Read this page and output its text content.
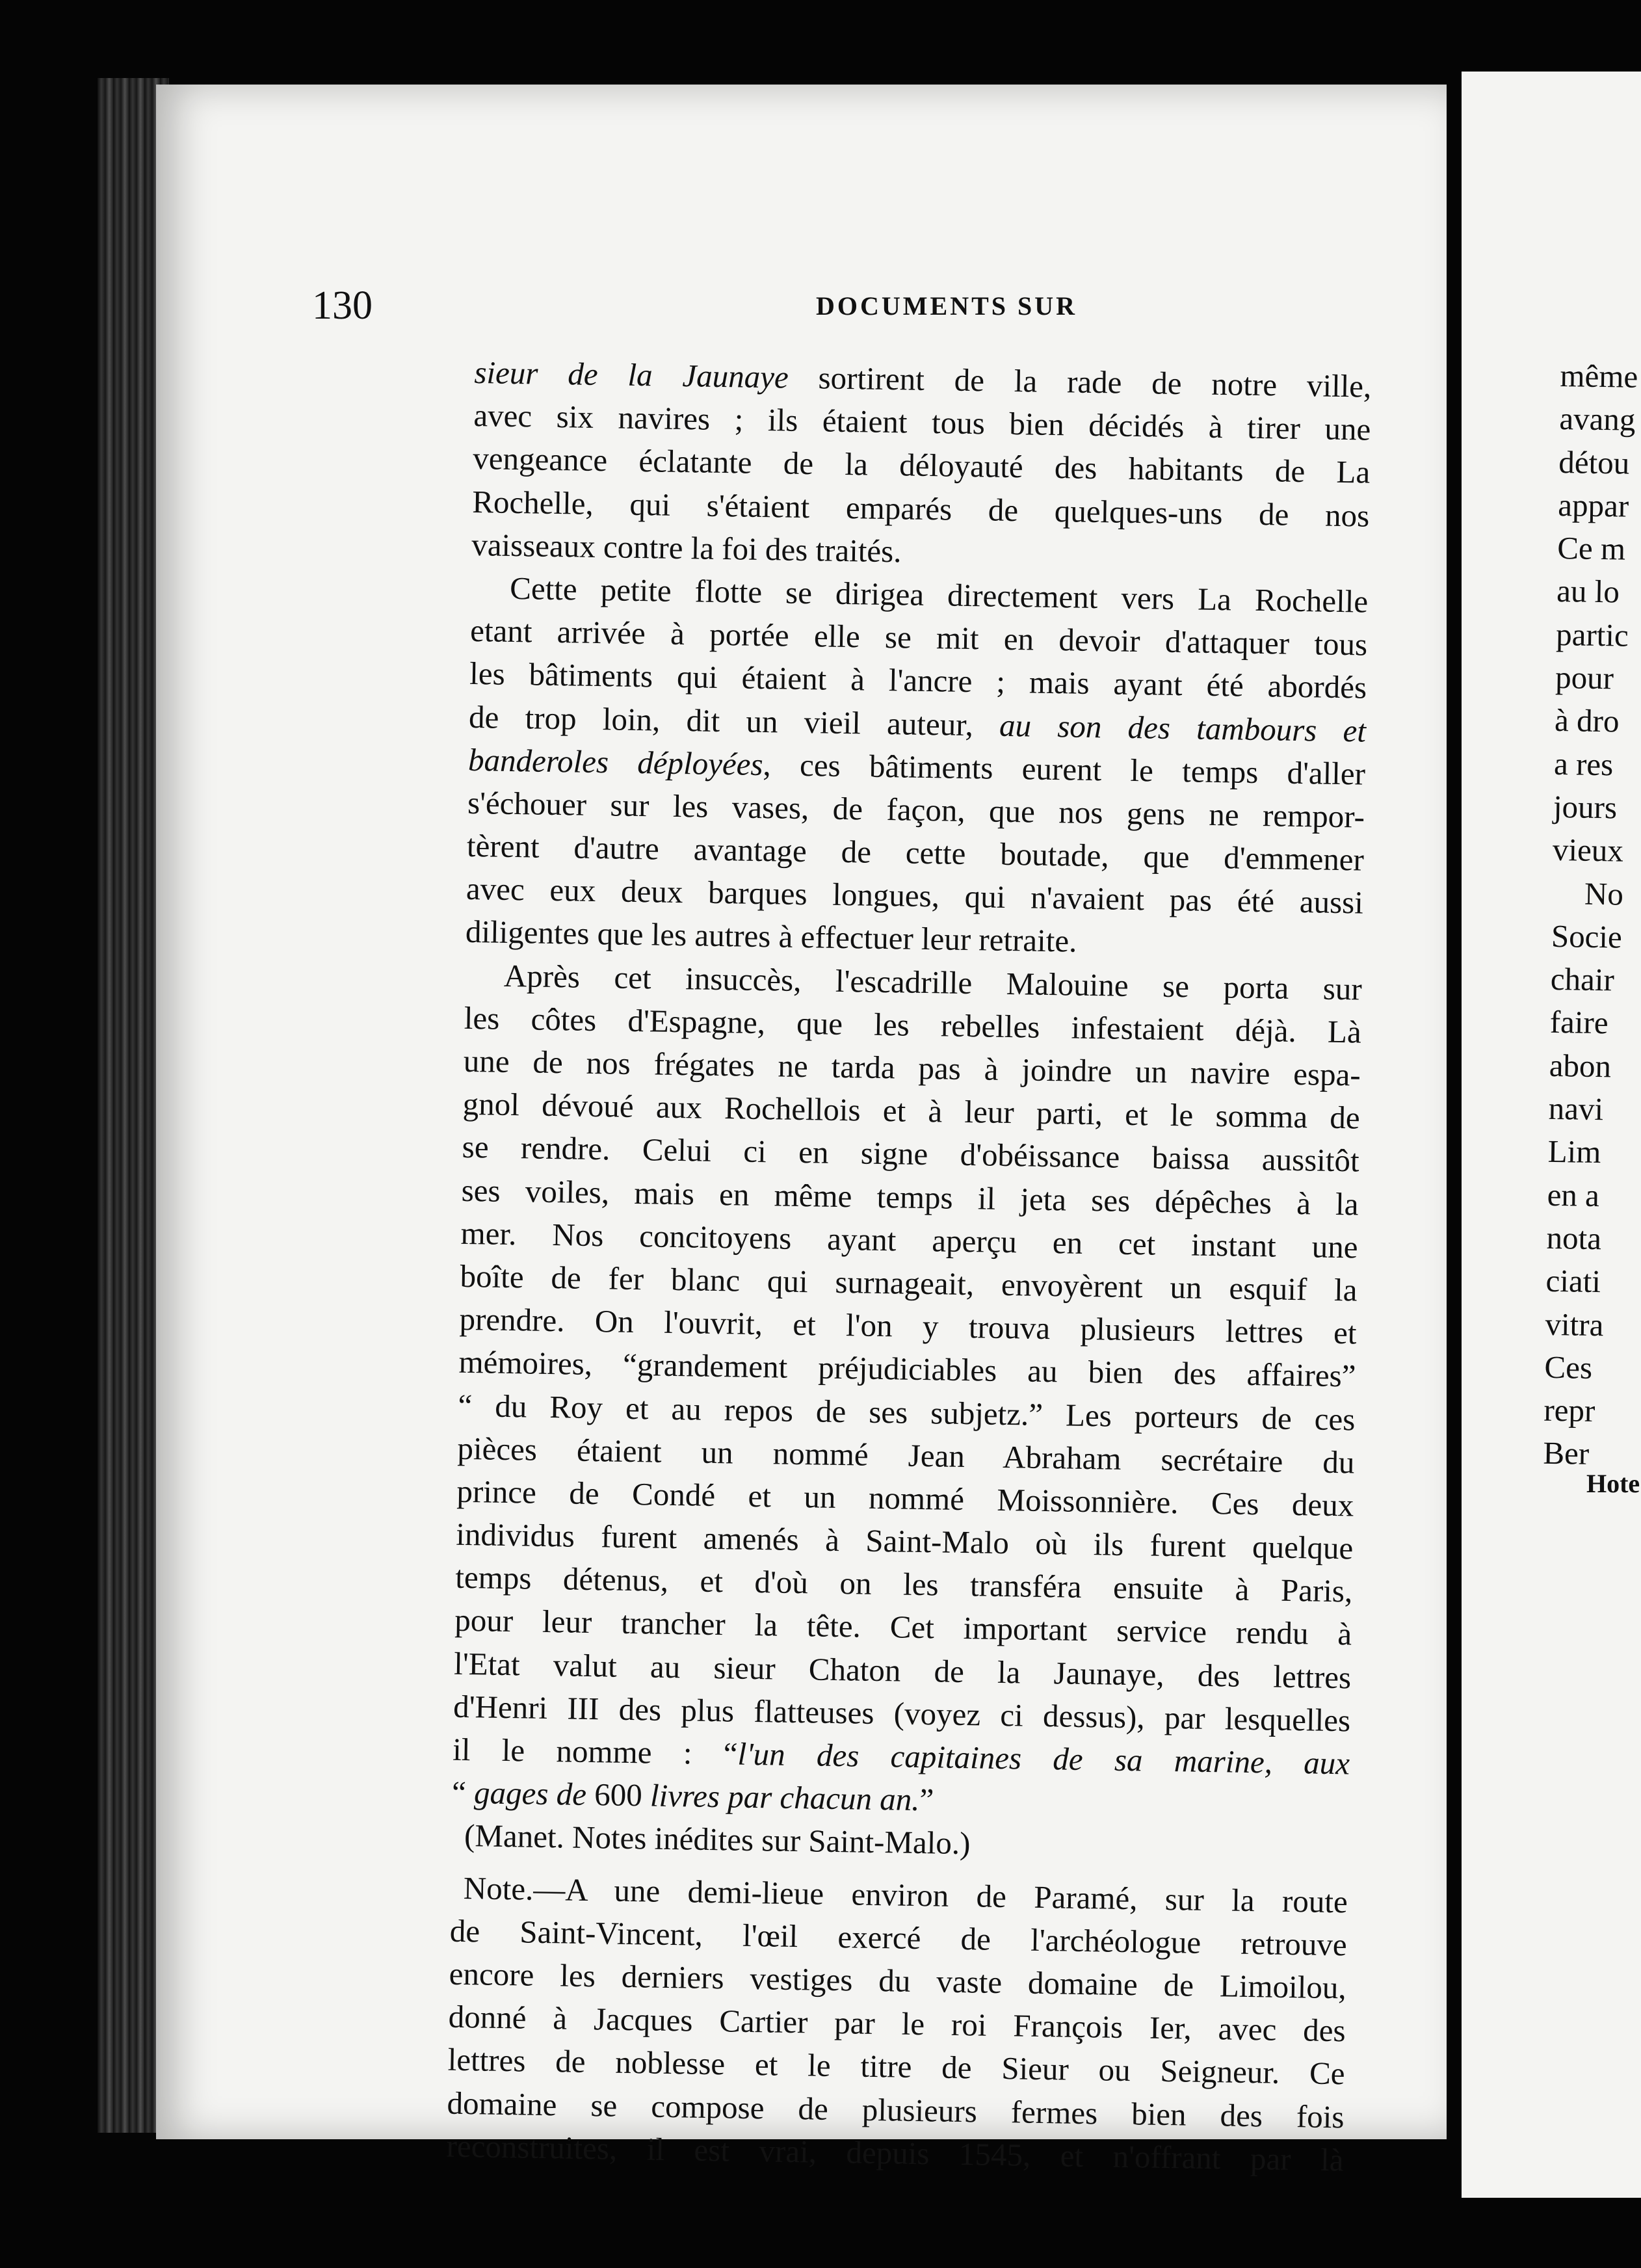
130	DOCUMENTS SUR
sieur de la Jaunaye sortirent de la rade de notre ville,
avec six navires ; ils étaient tous bien décidés à tirer une
vengeance éclatante de la déloyauté des habitants de La
Rochelle, qui s'étaient emparés de quelques-uns de nos
vaisseaux contre la foi des traités.
Cette petite flotte se dirigea directement vers La Rochelle
etant arrivée à portée elle se mit en devoir d'attaquer tous
les bâtiments qui étaient à l'ancre ; mais ayant été abordés
de trop loin, dit un vieil auteur, au son des tambours et
banderoles déployées, ces bâtiments eurent le temps d'aller
s'échouer sur les vases, de façon, que nos gens ne rempor-
tèrent d'autre avantage de cette boutade, que d'emmener
avec eux deux barques longues, qui n'avaient pas été aussi
diligentes que les autres à effectuer leur retraite.
Après cet insuccès, l'escadrille Malouine se porta sur
les côtes d'Espagne, que les rebelles infestaient déjà. Là
une de nos frégates ne tarda pas à joindre un navire espa-
gnol dévoué aux Rochellois et à leur parti, et le somma de
se rendre. Celui ci en signe d'obéissance baissa aussitôt
ses voiles, mais en même temps il jeta ses dépêches à la
mer. Nos concitoyens ayant aperçu en cet instant une
boîte de fer blanc qui surnageait, envoyèrent un esquif la
prendre. On l'ouvrit, et l'on y trouva plusieurs lettres et
mémoires, “grandement préjudiciables au bien des affaires”
“ du Roy et au repos de ses subjetz.” Les porteurs de ces
pièces étaient un nommé Jean Abraham secrétaire du
prince de Condé et un nommé Moissonnière. Ces deux
individus furent amenés à Saint-Malo où ils furent quelque
temps détenus, et d'où on les transféra ensuite à Paris,
pour leur trancher la tête. Cet important service rendu à
l'Etat valut au sieur Chaton de la Jaunaye, des lettres
d'Henri III des plus flatteuses (voyez ci dessus), par lesquelles
il le nomme : “l'un des capitaines de sa marine, aux
“ gages de 600 livres par chacun an.”
(Manet. Notes inédites sur Saint-Malo.)
Note.—A une demi-lieue environ de Paramé, sur la route
de Saint-Vincent, l'œil exercé de l'archéologue retrouve
encore les derniers vestiges du vaste domaine de Limoilou,
donné à Jacques Cartier par le roi François Ier, avec des
lettres de noblesse et le titre de Sieur ou Seigneur. Ce
domaine se compose de plusieurs fermes bien des fois
reconstruites, il est vrai, depuis 1545, et n'offrant par là
même
avang
détou
appar
Ce m
au lo
partic
pour
à dro
a res
jours
vieux
No
Socie
chair
faire
abon
navi
Lim
en a
nota
ciati
vitra
Ces
repr
Ber
Hote
